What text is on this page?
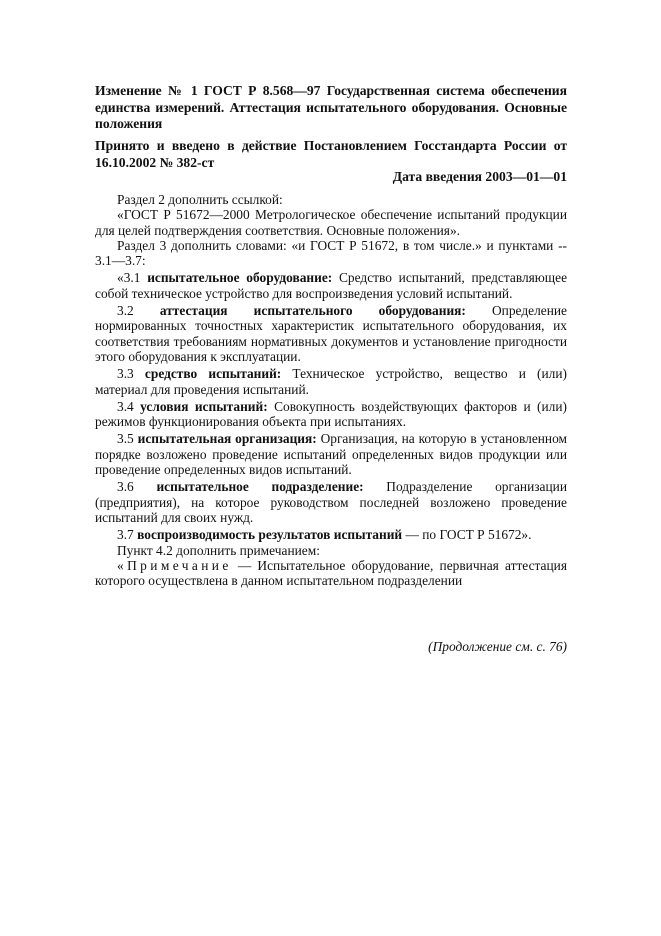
Изменение № 1 ГОСТ Р 8.568—97 Государственная система обеспечения единства измерений. Аттестация испытательного оборудования. Основные положения
Принято и введено в действие Постановлением Госстандарта России от 16.10.2002 № 382-ст
Дата введения 2003—01—01

Раздел 2 дополнить ссылкой:

«ГОСТ Р 51672—2000 Метрологическое обеспечение испытаний продукции для целей подтверждения соответствия. Основные положения».

Раздел 3 дополнить словами: «и ГОСТ Р 51672, в том числе.» и пунктами -- 3.1—3.7:

«3.1 испытательное оборудование: Средство испытаний, представляющее собой техническое устройство для воспроизведения условий испытаний.

3.2 аттестация испытательного оборудования: Определение нормированных точностных характеристик испытательного оборудования, их соответствия требованиям нормативных документов и установление пригодности этого оборудования к эксплуатации.

3.3 средство испытаний: Техническое устройство, вещество и (или) материал для проведения испытаний.

3.4 условия испытаний: Совокупность воздействующих факторов и (или) режимов функционирования объекта при испытаниях.

3.5 испытательная организация: Организация, на которую в установленном порядке возложено проведение испытаний определенных видов продукции или проведение определенных видов испытаний.

3.6 испытательное подразделение: Подразделение организации (предприятия), на которое руководством последней возложено проведение испытаний для своих нужд.

3.7 воспроизводимость результатов испытаний — по ГОСТ Р 51672».

Пункт 4.2 дополнить примечанием:

«Примечание — Испытательное оборудование, первичная аттестация которого осуществлена в данном испытательном подразделении

(Продолжение см. с. 76)
